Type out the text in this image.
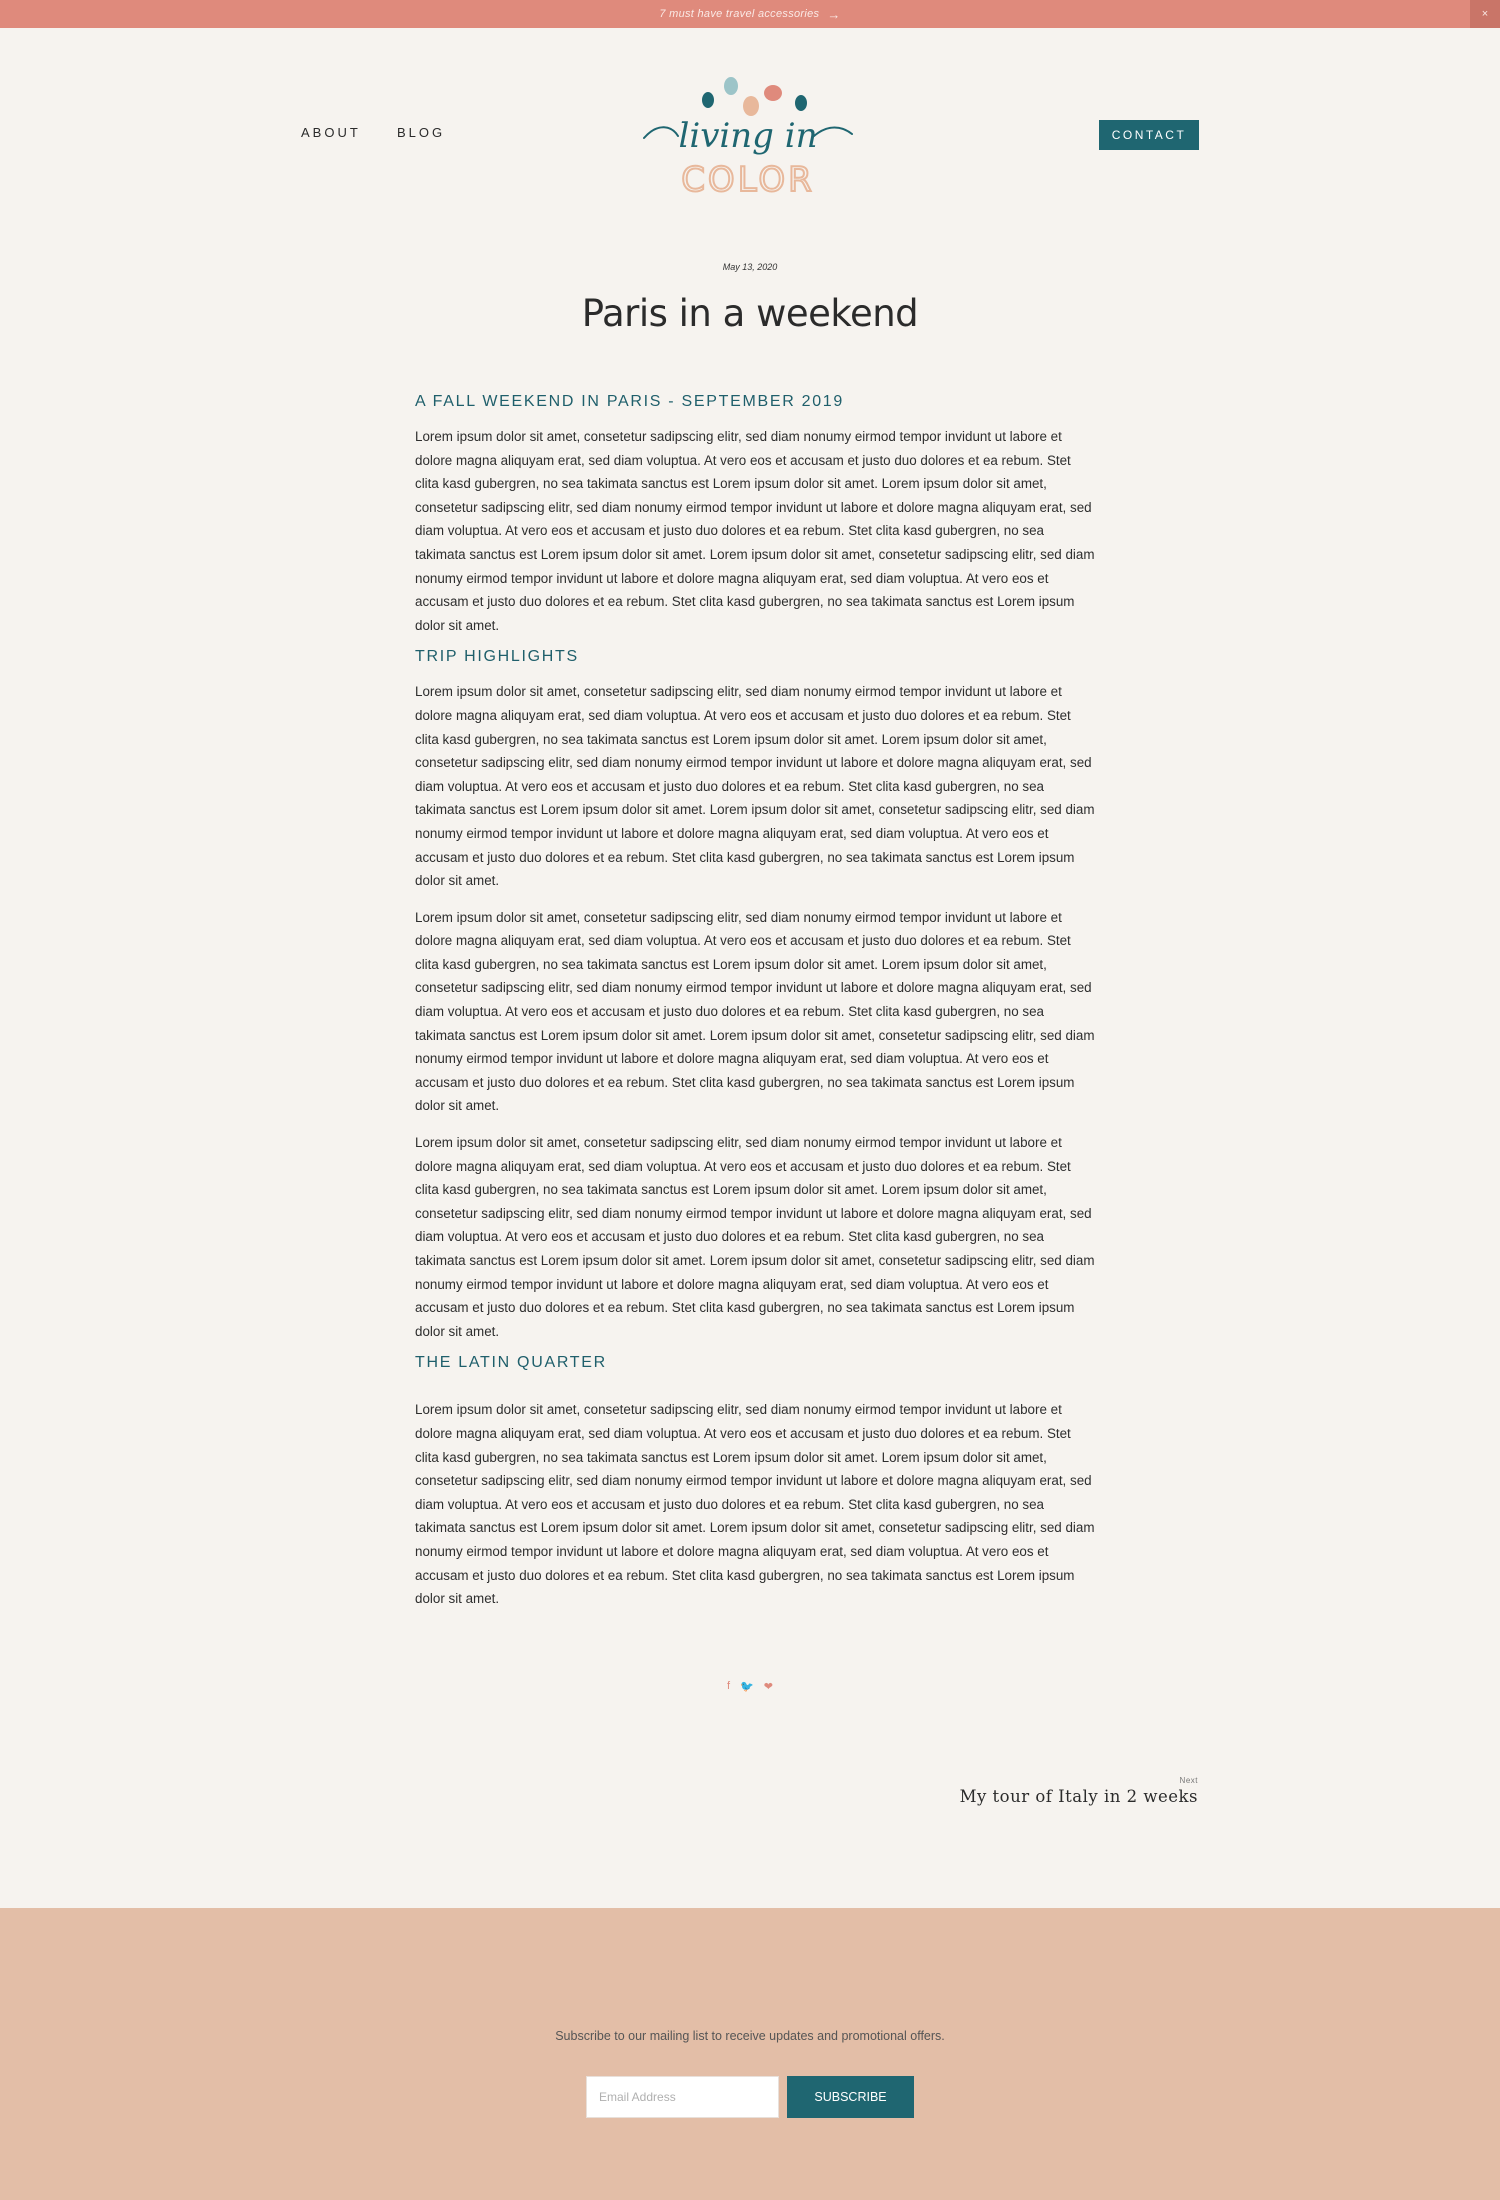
7 must have travel accessories →	×
ABOUT	BLOG	living in
COLOR
CONTACT
May 13, 2020
Paris in a weekend
A FALL WEEKEND IN PARIS - SEPTEMBER 2019

Lorem ipsum dolor sit amet, consetetur sadipscing elitr, sed diam nonumy eirmod tempor invidunt ut labore et dolore magna aliquyam erat, sed diam voluptua. At vero eos et accusam et justo duo dolores et ea rebum. Stet clita kasd gubergren, no sea takimata sanctus est Lorem ipsum dolor sit amet. Lorem ipsum dolor sit amet, consetetur sadipscing elitr, sed diam nonumy eirmod tempor invidunt ut labore et dolore magna aliquyam erat, sed diam voluptua. At vero eos et accusam et justo duo dolores et ea rebum. Stet clita kasd gubergren, no sea takimata sanctus est Lorem ipsum dolor sit amet. Lorem ipsum dolor sit amet, consetetur sadipscing elitr, sed diam nonumy eirmod tempor invidunt ut labore et dolore magna aliquyam erat, sed diam voluptua. At vero eos et accusam et justo duo dolores et ea rebum. Stet clita kasd gubergren, no sea takimata sanctus est Lorem ipsum dolor sit amet.

TRIP HIGHLIGHTS

Lorem ipsum dolor sit amet, consetetur sadipscing elitr, sed diam nonumy eirmod tempor invidunt ut labore et dolore magna aliquyam erat, sed diam voluptua. At vero eos et accusam et justo duo dolores et ea rebum. Stet clita kasd gubergren, no sea takimata sanctus est Lorem ipsum dolor sit amet. Lorem ipsum dolor sit amet, consetetur sadipscing elitr, sed diam nonumy eirmod tempor invidunt ut labore et dolore magna aliquyam erat, sed diam voluptua. At vero eos et accusam et justo duo dolores et ea rebum. Stet clita kasd gubergren, no sea takimata sanctus est Lorem ipsum dolor sit amet. Lorem ipsum dolor sit amet, consetetur sadipscing elitr, sed diam nonumy eirmod tempor invidunt ut labore et dolore magna aliquyam erat, sed diam voluptua. At vero eos et accusam et justo duo dolores et ea rebum. Stet clita kasd gubergren, no sea takimata sanctus est Lorem ipsum dolor sit amet.

Lorem ipsum dolor sit amet, consetetur sadipscing elitr, sed diam nonumy eirmod tempor invidunt ut labore et dolore magna aliquyam erat, sed diam voluptua. At vero eos et accusam et justo duo dolores et ea rebum. Stet clita kasd gubergren, no sea takimata sanctus est Lorem ipsum dolor sit amet. Lorem ipsum dolor sit amet, consetetur sadipscing elitr, sed diam nonumy eirmod tempor invidunt ut labore et dolore magna aliquyam erat, sed diam voluptua. At vero eos et accusam et justo duo dolores et ea rebum. Stet clita kasd gubergren, no sea takimata sanctus est Lorem ipsum dolor sit amet. Lorem ipsum dolor sit amet, consetetur sadipscing elitr, sed diam nonumy eirmod tempor invidunt ut labore et dolore magna aliquyam erat, sed diam voluptua. At vero eos et accusam et justo duo dolores et ea rebum. Stet clita kasd gubergren, no sea takimata sanctus est Lorem ipsum dolor sit amet.

Lorem ipsum dolor sit amet, consetetur sadipscing elitr, sed diam nonumy eirmod tempor invidunt ut labore et dolore magna aliquyam erat, sed diam voluptua. At vero eos et accusam et justo duo dolores et ea rebum. Stet clita kasd gubergren, no sea takimata sanctus est Lorem ipsum dolor sit amet. Lorem ipsum dolor sit amet, consetetur sadipscing elitr, sed diam nonumy eirmod tempor invidunt ut labore et dolore magna aliquyam erat, sed diam voluptua. At vero eos et accusam et justo duo dolores et ea rebum. Stet clita kasd gubergren, no sea takimata sanctus est Lorem ipsum dolor sit amet. Lorem ipsum dolor sit amet, consetetur sadipscing elitr, sed diam nonumy eirmod tempor invidunt ut labore et dolore magna aliquyam erat, sed diam voluptua. At vero eos et accusam et justo duo dolores et ea rebum. Stet clita kasd gubergren, no sea takimata sanctus est Lorem ipsum dolor sit amet.

THE LATIN QUARTER

Lorem ipsum dolor sit amet, consetetur sadipscing elitr, sed diam nonumy eirmod tempor invidunt ut labore et dolore magna aliquyam erat, sed diam voluptua. At vero eos et accusam et justo duo dolores et ea rebum. Stet clita kasd gubergren, no sea takimata sanctus est Lorem ipsum dolor sit amet. Lorem ipsum dolor sit amet, consetetur sadipscing elitr, sed diam nonumy eirmod tempor invidunt ut labore et dolore magna aliquyam erat, sed diam voluptua. At vero eos et accusam et justo duo dolores et ea rebum. Stet clita kasd gubergren, no sea takimata sanctus est Lorem ipsum dolor sit amet. Lorem ipsum dolor sit amet, consetetur sadipscing elitr, sed diam nonumy eirmod tempor invidunt ut labore et dolore magna aliquyam erat, sed diam voluptua. At vero eos et accusam et justo duo dolores et ea rebum. Stet clita kasd gubergren, no sea takimata sanctus est Lorem ipsum dolor sit amet.

f 🐦 ❤
Next
My tour of Italy in 2 weeks
Subscribe to our mailing list to receive updates and promotional offers.
Email Address
SUBSCRIBE
